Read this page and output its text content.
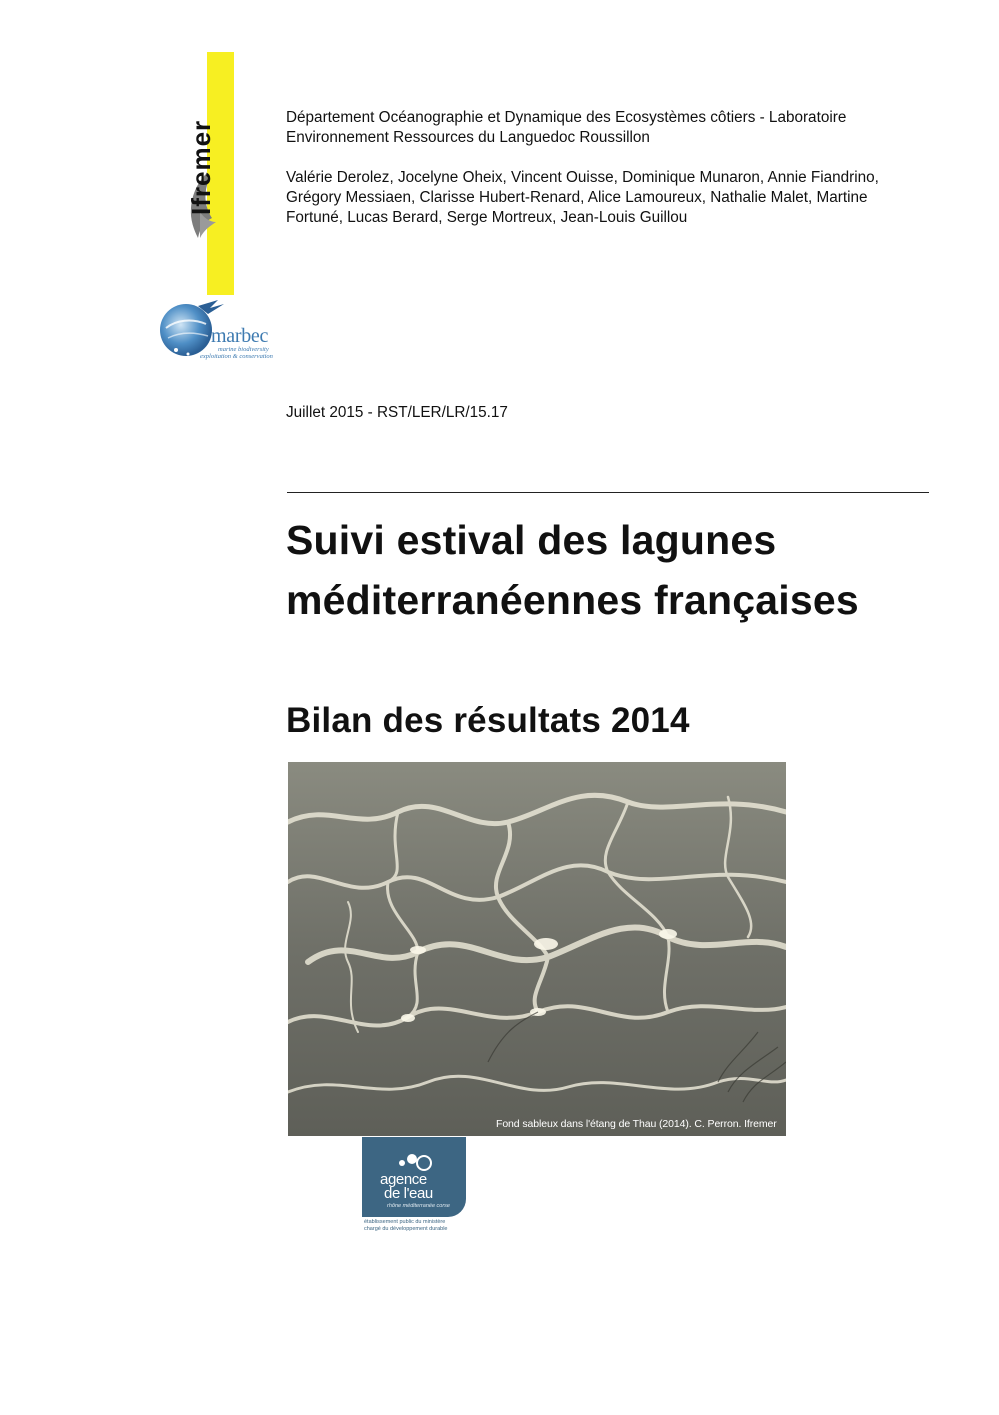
Ifremer
marbec
marine biodiversity
exploitation & conservation
Département Océanographie et Dynamique des Ecosystèmes côtiers - Laboratoire Environnement Ressources du Languedoc Roussillon
Valérie Derolez, Jocelyne Oheix, Vincent Ouisse, Dominique Munaron, Annie Fiandrino, Grégory Messiaen, Clarisse Hubert-Renard, Alice Lamoureux, Nathalie Malet, Martine Fortuné, Lucas Berard, Serge Mortreux, Jean-Louis Guillou
Juillet 2015 - RST/LER/LR/15.17
Suivi estival des lagunes méditerranéennes françaises
Bilan des résultats 2014
Fond sableux dans l'étang de Thau (2014). C. Perron. Ifremer
agence
de l'eau
rhône méditerranée corse
établissement public du ministère
chargé du développement durable
